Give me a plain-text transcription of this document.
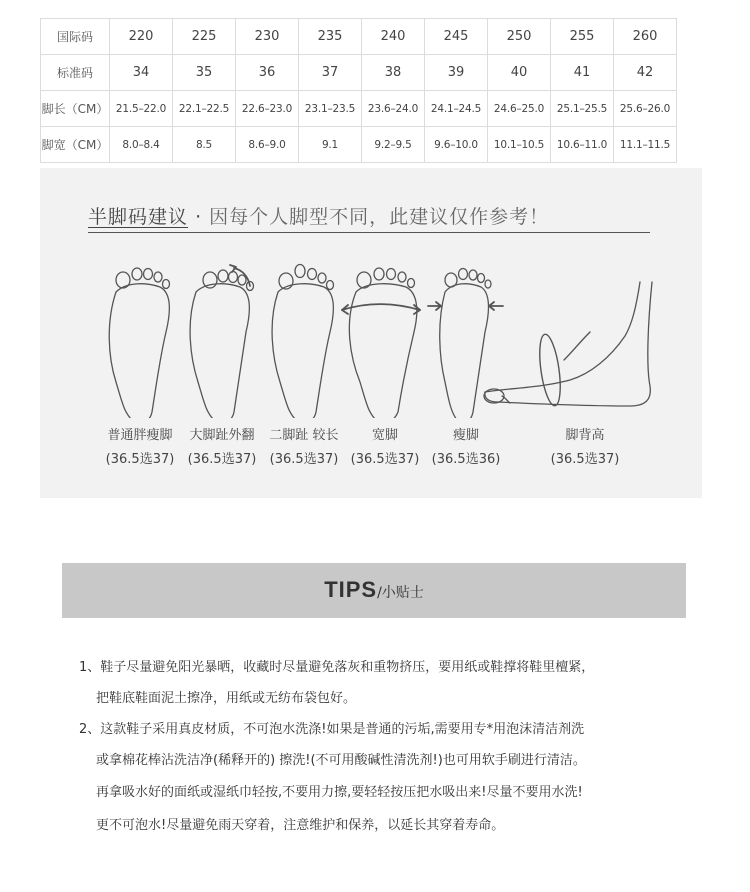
国际码	220	225	230	235	240	245	250	255	260
标准码	34	35	36	37	38	39	40	41	42
脚长（CM）	21.5–22.0	22.1–22.5	22.6–23.0	23.1–23.5	23.6–24.0	24.1–24.5	24.6–25.0	25.1–25.5	25.6–26.0
脚宽（CM）	8.0–8.4	8.5	8.6–9.0	9.1	9.2–9.5	9.6–10.0	10.1–10.5	10.6–11.0	11.1–11.5
半脚码建议 · 因每个人脚型不同，此建议仅作参考！
普通胖瘦脚
(36.5选37)
大脚趾外翻
(36.5选37)
二脚趾 较长
(36.5选37)
宽脚
(36.5选37)
瘦脚
(36.5选36)
脚背高
(36.5选37)
TIPS/小贴士
1、鞋子尽量避免阳光暴晒，收藏时尽量避免落灰和重物挤压，要用纸或鞋撑将鞋里檀紧，
把鞋底鞋面泥土擦净，用纸或无纺布袋包好。
2、这款鞋子采用真皮材质，不可泡水洗涤!如果是普通的污垢,需要用专*用泡沫清洁剂洗
或拿棉花棒沾洗洁净(稀释开的) 擦洗!(不可用酸碱性清洗剂!)也可用软手刷进行清洁。
再拿吸水好的面纸或湿纸巾轻按,不要用力擦,要轻轻按压把水吸出来!尽量不要用水洗!
更不可泡水!尽量避免雨天穿着，注意维护和保养，以延长其穿着寿命。
